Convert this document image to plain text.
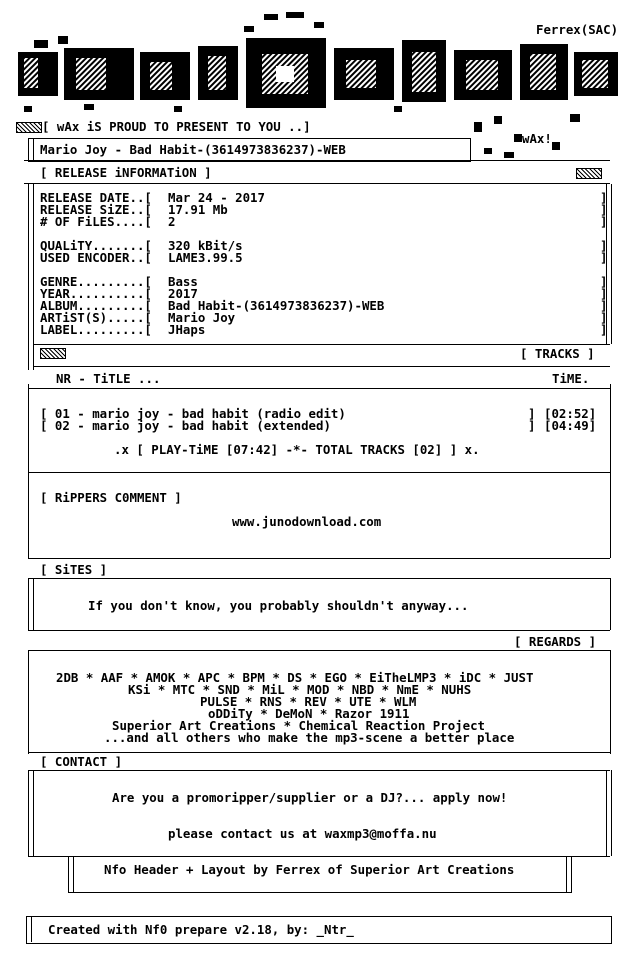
Ferrex(SAC)
wAx!
[ wAx iS PROUD TO PRESENT TO YOU ..]
Mario Joy - Bad Habit-(3614973836237)-WEB
[ RELEASE iNFORMATiON ]
RELEASE DATE..[ Mar 24 - 2017	]
RELEASE SiZE..[ 17.91 Mb	]
# OF FiLES....[ 2	]
QUALiTY.......[ 320 kBit/s	]
USED ENCODER..[ LAME3.99.5	]
GENRE.........[ Bass	]
YEAR..........[ 2017	]
ALBUM.........[ Bad Habit-(3614973836237)-WEB	]
ARTiST(S).....[ Mario Joy	]
LABEL.........[ JHaps	]
[ TRACKS ]
NR - TiTLE ...	TiME.
[ 01 - mario joy - bad habit (radio edit)	] [02:52]
[ 02 - mario joy - bad habit (extended)	] [04:49]
.x [ PLAY-TiME [07:42] -*- TOTAL TRACKS [02] ] x.
[ RiPPERS C0MMENT ]
www.junodownload.com
[ SiTES ]
If you don't know, you probably shouldn't anyway...
[ REGARDS ]
2DB * AAF * AMOK * APC * BPM * DS * EGO * EiTheLMP3 * iDC * JUST
KSi * MTC * SND * MiL * MOD * NBD * NmE * NUHS
PULSE * RNS * REV * UTE * WLM
oDDiTy * DeMoN * Razor 1911
Superior Art Creations * Chemical Reaction Project
...and all others who make the mp3-scene a better place
[ CONTACT ]
Are you a promoripper/supplier or a DJ?... apply now!
please contact us at waxmp3@moffa.nu
Nfo Header + Layout by Ferrex of Superior Art Creations
Created with Nf0 prepare v2.18, by: _Ntr_
